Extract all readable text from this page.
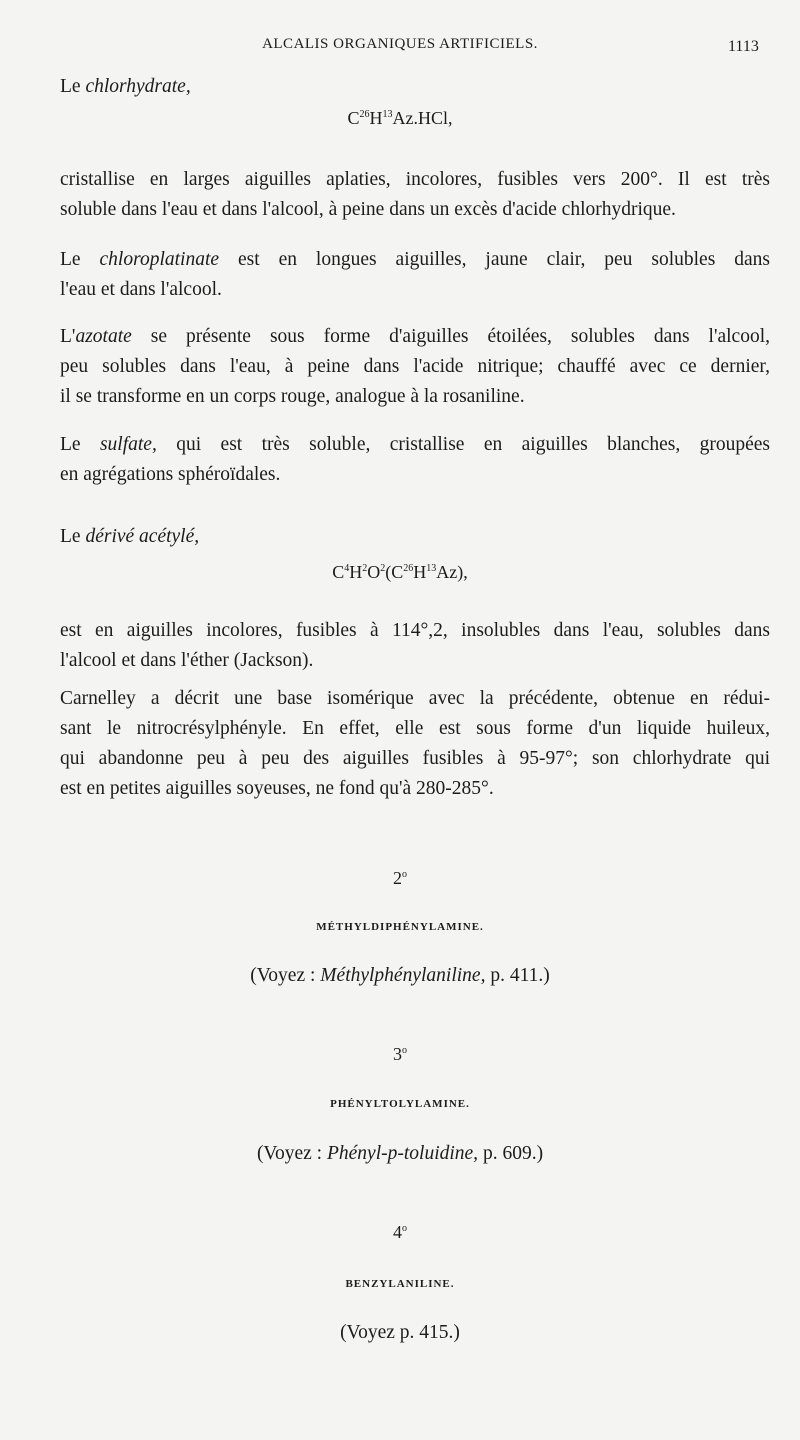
ALCALIS ORGANIQUES ARTIFICIELS.	1113
Le chlorhydrate,
$C^{26}H^{13}Az.HCl$,
cristallise en larges aiguilles aplaties, incolores, fusibles vers 200°. Il est très
soluble dans l'eau et dans l'alcool, à peine dans un excès d'acide chlorhydrique.
Le chloroplatinate est en longues aiguilles, jaune clair, peu solubles dans
l'eau et dans l'alcool.
L'azotate se présente sous forme d'aiguilles étoilées, solubles dans l'alcool,
peu solubles dans l'eau, à peine dans l'acide nitrique; chauffé avec ce dernier,
il se transforme en un corps rouge, analogue à la rosaniline.
Le sulfate, qui est très soluble, cristallise en aiguilles blanches, groupées
en agrégations sphéroïdales.
Le dérivé acétylé,
$C^4H^2O^2(C^{26}H^{13}Az)$,
est en aiguilles incolores, fusibles à 114°,2, insolubles dans l'eau, solubles dans
l'alcool et dans l'éther (Jackson).
Carnelley a décrit une base isomérique avec la précédente, obtenue en rédui-
sant le nitrocrésylphényle. En effet, elle est sous forme d'un liquide huileux,
qui abandonne peu à peu des aiguilles fusibles à 95-97°; son chlorhydrate qui
est en petites aiguilles soyeuses, ne fond qu'à 280-285°.
2$^o$
MÉTHYLDIPHÉNYLAMINE.
(Voyez : Méthylphénylaniline, p. 411.)
3$^o$
PHÉNYLTOLYLAMINE.
(Voyez : Phényl-p-toluidine, p. 609.)
4$^o$
BENZYLANILINE.
(Voyez p. 415.)
